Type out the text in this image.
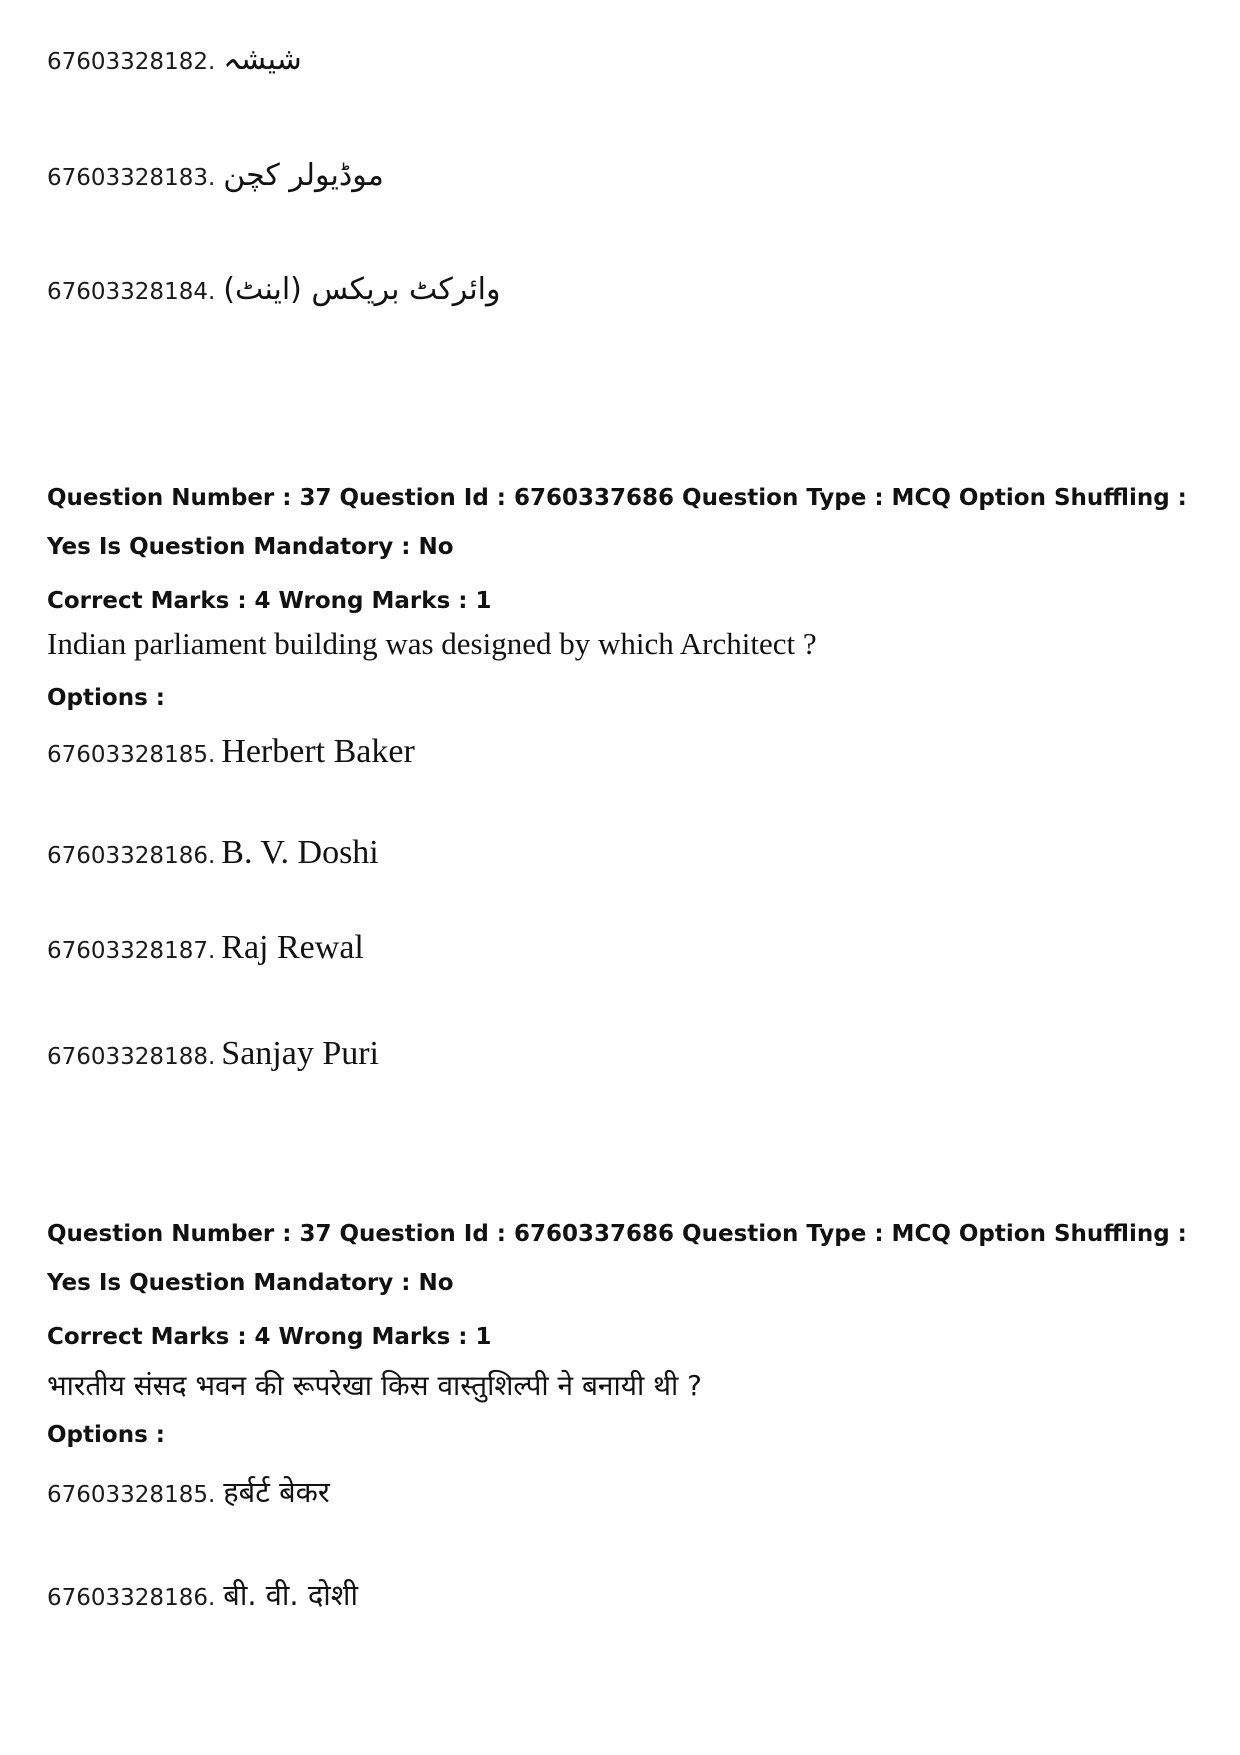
67603328182. شیشہ
67603328183. موڈیولر کچن
67603328184. وائرکٹ بریکس (اینٹ)
Question Number : 37 Question Id : 6760337686 Question Type : MCQ Option Shuffling : Yes Is Question Mandatory : No
Correct Marks : 4 Wrong Marks : 1
Indian parliament building was designed by which Architect ?
Options :
67603328185. Herbert Baker
67603328186. B. V. Doshi
67603328187. Raj Rewal
67603328188. Sanjay Puri
Question Number : 37 Question Id : 6760337686 Question Type : MCQ Option Shuffling : Yes Is Question Mandatory : No
Correct Marks : 4 Wrong Marks : 1
भारतीय संसद भवन की रूपरेखा किस वास्तुशिल्पी ने बनायी थी ?
Options :
67603328185. हर्बर्ट बेकर
67603328186. बी. वी. दोशी
